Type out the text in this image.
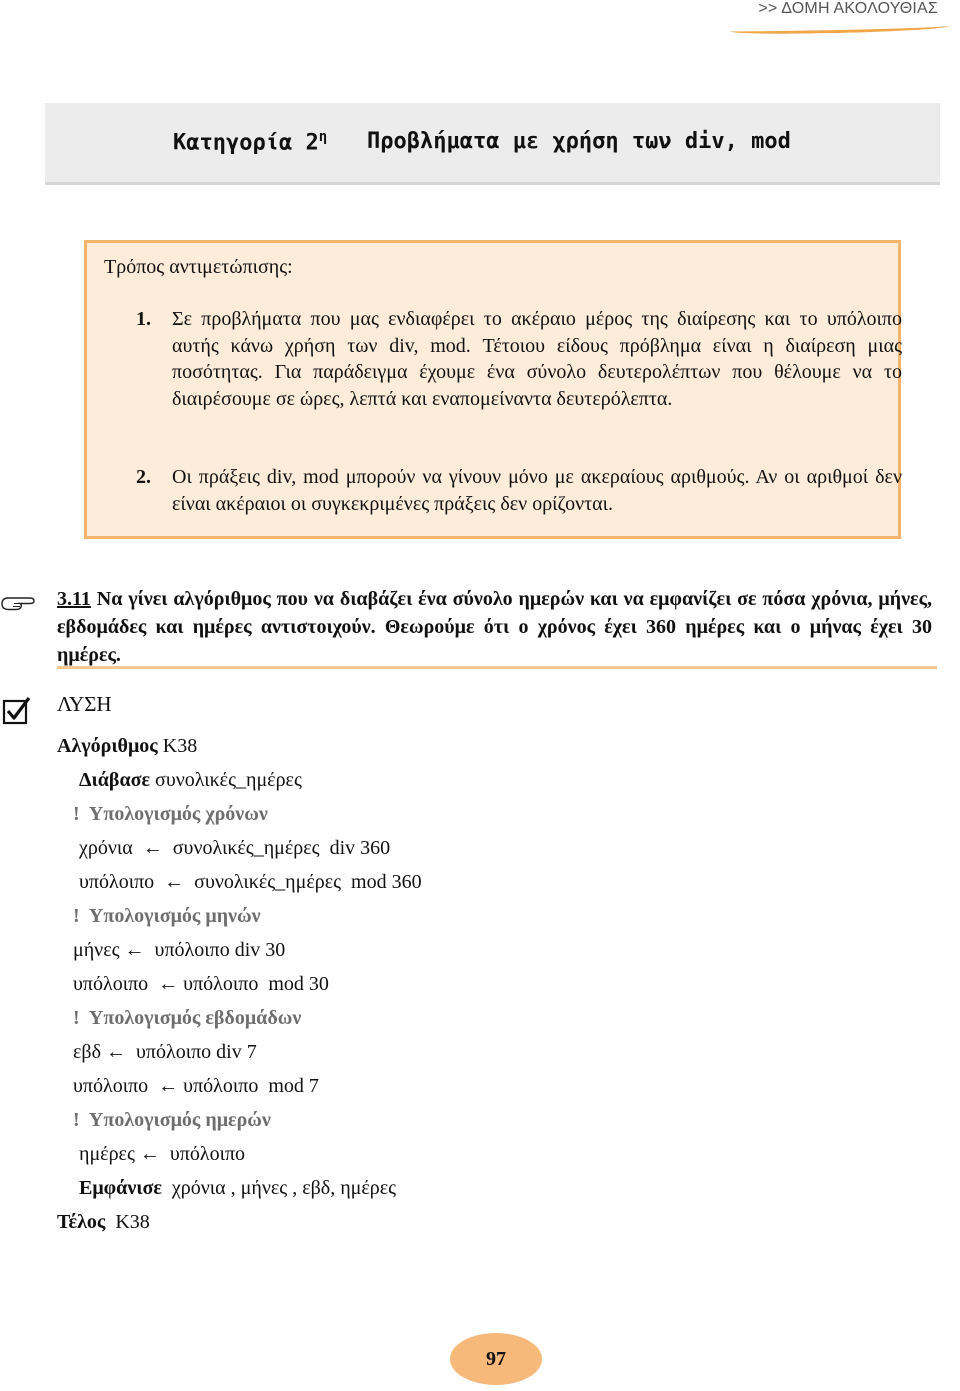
>> ΔΟΜΗ ΑΚΟΛΟΥΘΙΑΣ
Κατηγορία $2^\eta$ Προβλήματα με χρήση των div, mod
Τρόπος αντιμετώπισης:
1. Σε προβλήματα που μας ενδιαφέρει το ακέραιο μέρος της διαίρεσης και το υπόλοιπο αυτής κάνω χρήση των div, mod. Τέτοιου είδους πρόβλημα είναι η διαίρεση μιας ποσότητας. Για παράδειγμα έχουμε ένα σύνολο δευτερολέπτων που θέλουμε να το διαιρέσουμε σε ώρες, λεπτά και εναπομείναντα δευτερόλεπτα.
2. Οι πράξεις div, mod μπορούν να γίνουν μόνο με ακεραίους αριθμούς. Αν οι αριθμοί δεν είναι ακέραιοι οι συγκεκριμένες πράξεις δεν ορίζονται.
3.11 Να γίνει αλγόριθμος που να διαβάζει ένα σύνολο ημερών και να εμφανίζει σε πόσα χρόνια, μήνες, εβδομάδες και ημέρες αντιστοιχούν. Θεωρούμε ότι ο χρόνος έχει 360 ημέρες και ο μήνας έχει 30 ημέρες.
ΛΥΣΗ
Αλγόριθμος K38
Διάβασε συνολικές_ημέρες
!  Υπολογισμός χρόνων
χρόνια  ←  συνολικές_ημέρες  div 360
υπόλοιπο  ←  συνολικές_ημέρες  mod 360
!  Υπολογισμός μηνών
μήνες ←  υπόλοιπο div 30
υπόλοιπο  ← υπόλοιπο  mod 30
!  Υπολογισμός εβδομάδων
εβδ ←  υπόλοιπο div 7
υπόλοιπο  ← υπόλοιπο  mod 7
!  Υπολογισμός ημερών
ημέρες ←  υπόλοιπο
Εμφάνισε  χρόνια , μήνες , εβδ, ημέρες
Τέλος  K38
97
